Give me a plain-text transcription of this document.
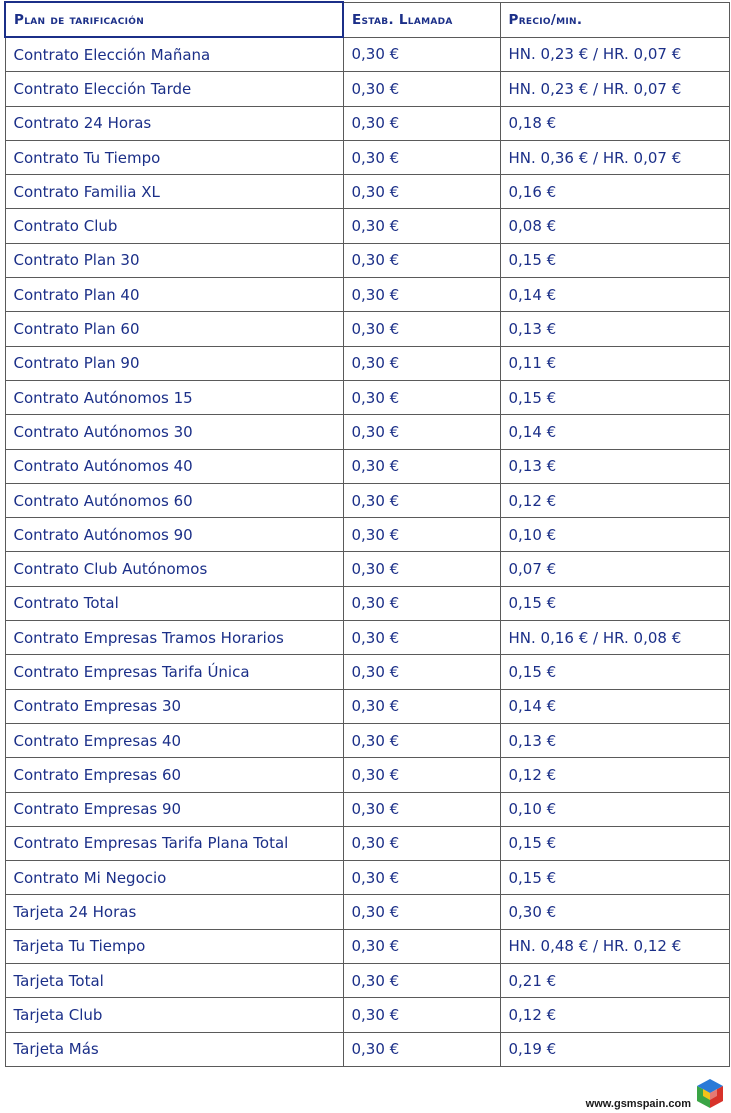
Plan de tarificación	Estab. Llamada	Precio/min.
Contrato Elección Mañana	0,30 €	HN. 0,23 € / HR. 0,07 €
Contrato Elección Tarde	0,30 €	HN. 0,23 € / HR. 0,07 €
Contrato 24 Horas	0,30 €	0,18 €
Contrato Tu Tiempo	0,30 €	HN. 0,36 € / HR. 0,07 €
Contrato Familia XL	0,30 €	0,16 €
Contrato Club	0,30 €	0,08 €
Contrato Plan 30	0,30 €	0,15 €
Contrato Plan 40	0,30 €	0,14 €
Contrato Plan 60	0,30 €	0,13 €
Contrato Plan 90	0,30 €	0,11 €
Contrato Autónomos 15	0,30 €	0,15 €
Contrato Autónomos 30	0,30 €	0,14 €
Contrato Autónomos 40	0,30 €	0,13 €
Contrato Autónomos 60	0,30 €	0,12 €
Contrato Autónomos 90	0,30 €	0,10 €
Contrato Club Autónomos	0,30 €	0,07 €
Contrato Total	0,30 €	0,15 €
Contrato Empresas Tramos Horarios	0,30 €	HN. 0,16 € / HR. 0,08 €
Contrato Empresas Tarifa Única	0,30 €	0,15 €
Contrato Empresas 30	0,30 €	0,14 €
Contrato Empresas 40	0,30 €	0,13 €
Contrato Empresas 60	0,30 €	0,12 €
Contrato Empresas 90	0,30 €	0,10 €
Contrato Empresas Tarifa Plana Total	0,30 €	0,15 €
Contrato Mi Negocio	0,30 €	0,15 €
Tarjeta 24 Horas	0,30 €	0,30 €
Tarjeta Tu Tiempo	0,30 €	HN. 0,48 € / HR. 0,12 €
Tarjeta Total	0,30 €	0,21 €
Tarjeta Club	0,30 €	0,12 €
Tarjeta Más	0,30 €	0,19 €
www.gsmspain.com
